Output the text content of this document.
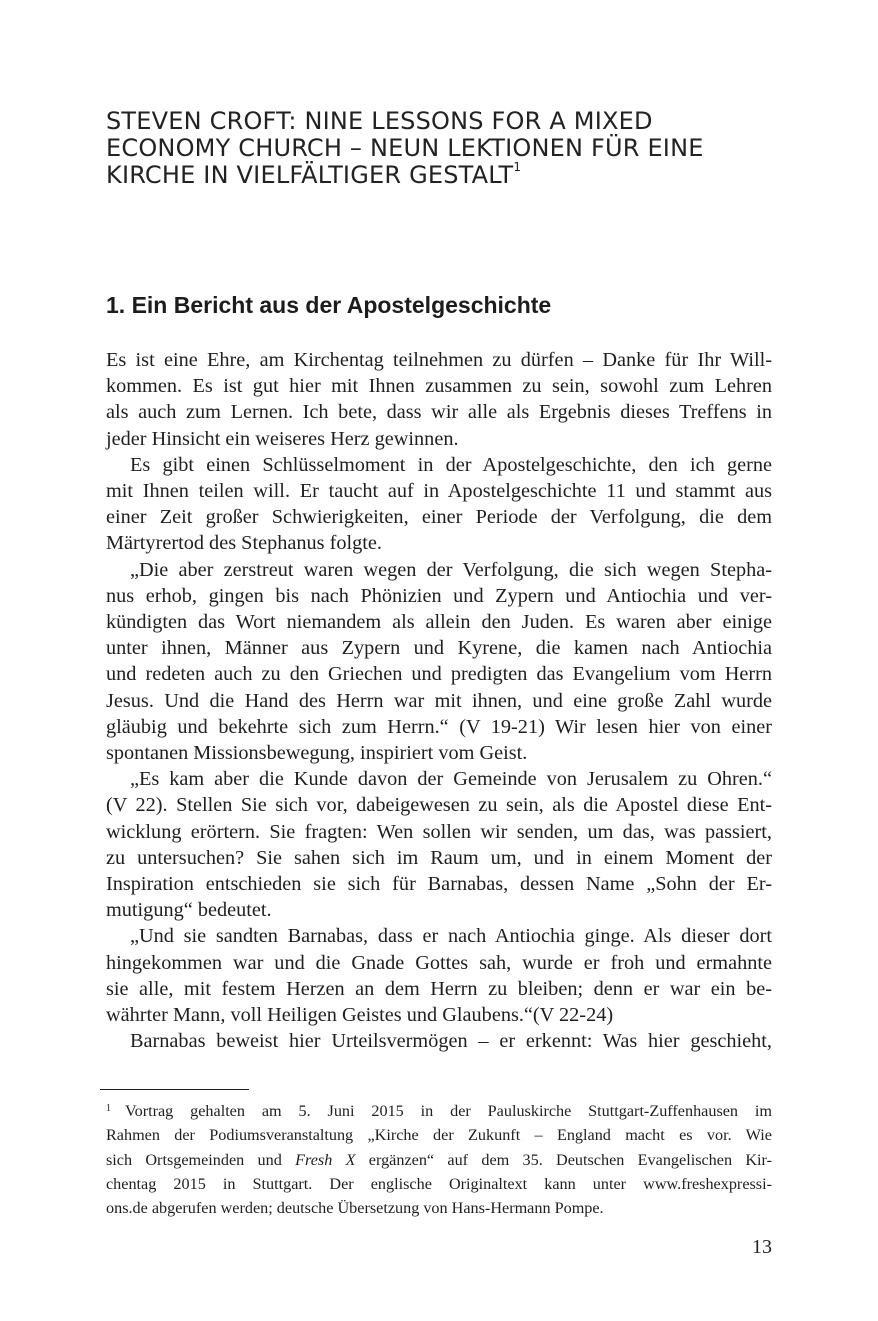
STEVEN CROFT: NINE LESSONS FOR A MIXED
ECONOMY CHURCH – NEUN LEKTIONEN FÜR EINE
KIRCHE IN VIELFÄLTIGER GESTALT$^1$
1. Ein Bericht aus der Apostelgeschichte
Es ist eine Ehre, am Kirchentag teilnehmen zu dürfen – Danke für Ihr Will-
kommen. Es ist gut hier mit Ihnen zusammen zu sein, sowohl zum Lehren
als auch zum Lernen. Ich bete, dass wir alle als Ergebnis dieses Treffens in
jeder Hinsicht ein weiseres Herz gewinnen.
Es gibt einen Schlüsselmoment in der Apostelgeschichte, den ich gerne
mit Ihnen teilen will. Er taucht auf in Apostelgeschichte 11 und stammt aus
einer Zeit großer Schwierigkeiten, einer Periode der Verfolgung, die dem
Märtyrertod des Stephanus folgte.
„Die aber zerstreut waren wegen der Verfolgung, die sich wegen Stepha-
nus erhob, gingen bis nach Phönizien und Zypern und Antiochia und ver-
kündigten das Wort niemandem als allein den Juden. Es waren aber einige
unter ihnen, Männer aus Zypern und Kyrene, die kamen nach Antiochia
und redeten auch zu den Griechen und predigten das Evangelium vom Herrn
Jesus. Und die Hand des Herrn war mit ihnen, und eine große Zahl wurde
gläubig und bekehrte sich zum Herrn.“ (V 19-21) Wir lesen hier von einer
spontanen Missionsbewegung, inspiriert vom Geist.
„Es kam aber die Kunde davon der Gemeinde von Jerusalem zu Ohren.“
(V 22). Stellen Sie sich vor, dabeigewesen zu sein, als die Apostel diese Ent-
wicklung erörtern. Sie fragten: Wen sollen wir senden, um das, was passiert,
zu untersuchen? Sie sahen sich im Raum um, und in einem Moment der
Inspiration entschieden sie sich für Barnabas, dessen Name „Sohn der Er-
mutigung“ bedeutet.
„Und sie sandten Barnabas, dass er nach Antiochia ginge. Als dieser dort
hingekommen war und die Gnade Gottes sah, wurde er froh und ermahnte
sie alle, mit festem Herzen an dem Herrn zu bleiben; denn er war ein be-
währter Mann, voll Heiligen Geistes und Glaubens.“(V 22-24)
Barnabas beweist hier Urteilsvermögen – er erkennt: Was hier geschieht,
$^1$ Vortrag gehalten am 5. Juni 2015 in der Pauluskirche Stuttgart-Zuffenhausen im
Rahmen der Podiumsveranstaltung „Kirche der Zukunft – England macht es vor. Wie
sich Ortsgemeinden und Fresh X ergänzen“ auf dem 35. Deutschen Evangelischen Kir-
chentag 2015 in Stuttgart. Der englische Originaltext kann unter www.freshexpressi-
ons.de abgerufen werden; deutsche Übersetzung von Hans-Hermann Pompe.
13
